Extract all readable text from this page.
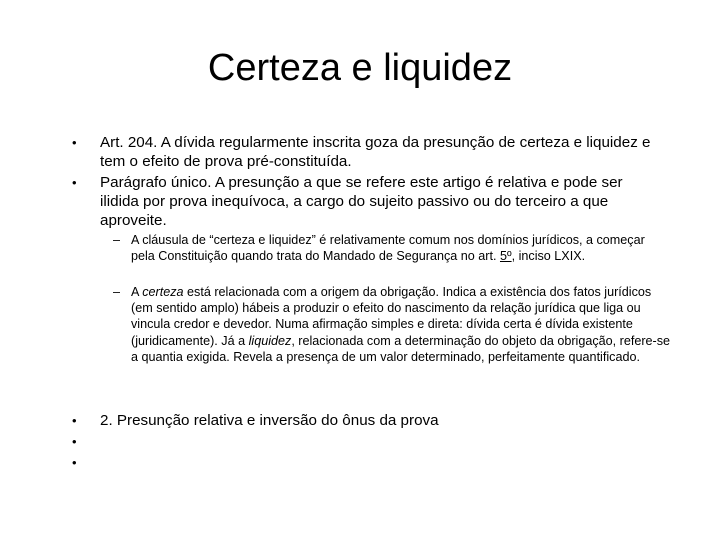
Certeza e liquidez
• Art. 204. A dívida regularmente inscrita goza da presunção de certeza e liquidez e tem o efeito de prova pré-constituída.
• Parágrafo único. A presunção a que se refere este artigo é relativa e pode ser ilidida por prova inequívoca, a cargo do sujeito passivo ou do terceiro a que aproveite.
– A cláusula de “certeza e liquidez” é relativamente comum nos domínios jurídicos, a começar pela Constituição quando trata do Mandado de Segurança no art. 5º, inciso LXIX.
– A certeza está relacionada com a origem da obrigação. Indica a existência dos fatos jurídicos (em sentido amplo) hábeis a produzir o efeito do nascimento da relação jurídica que liga ou vincula credor e devedor. Numa afirmação simples e direta: dívida certa é dívida existente (juridicamente). Já a liquidez, relacionada com a determinação do objeto da obrigação, refere-se a quantia exigida. Revela a presença de um valor determinado, perfeitamente quantificado.
• 2. Presunção relativa e inversão do ônus da prova
•
•
